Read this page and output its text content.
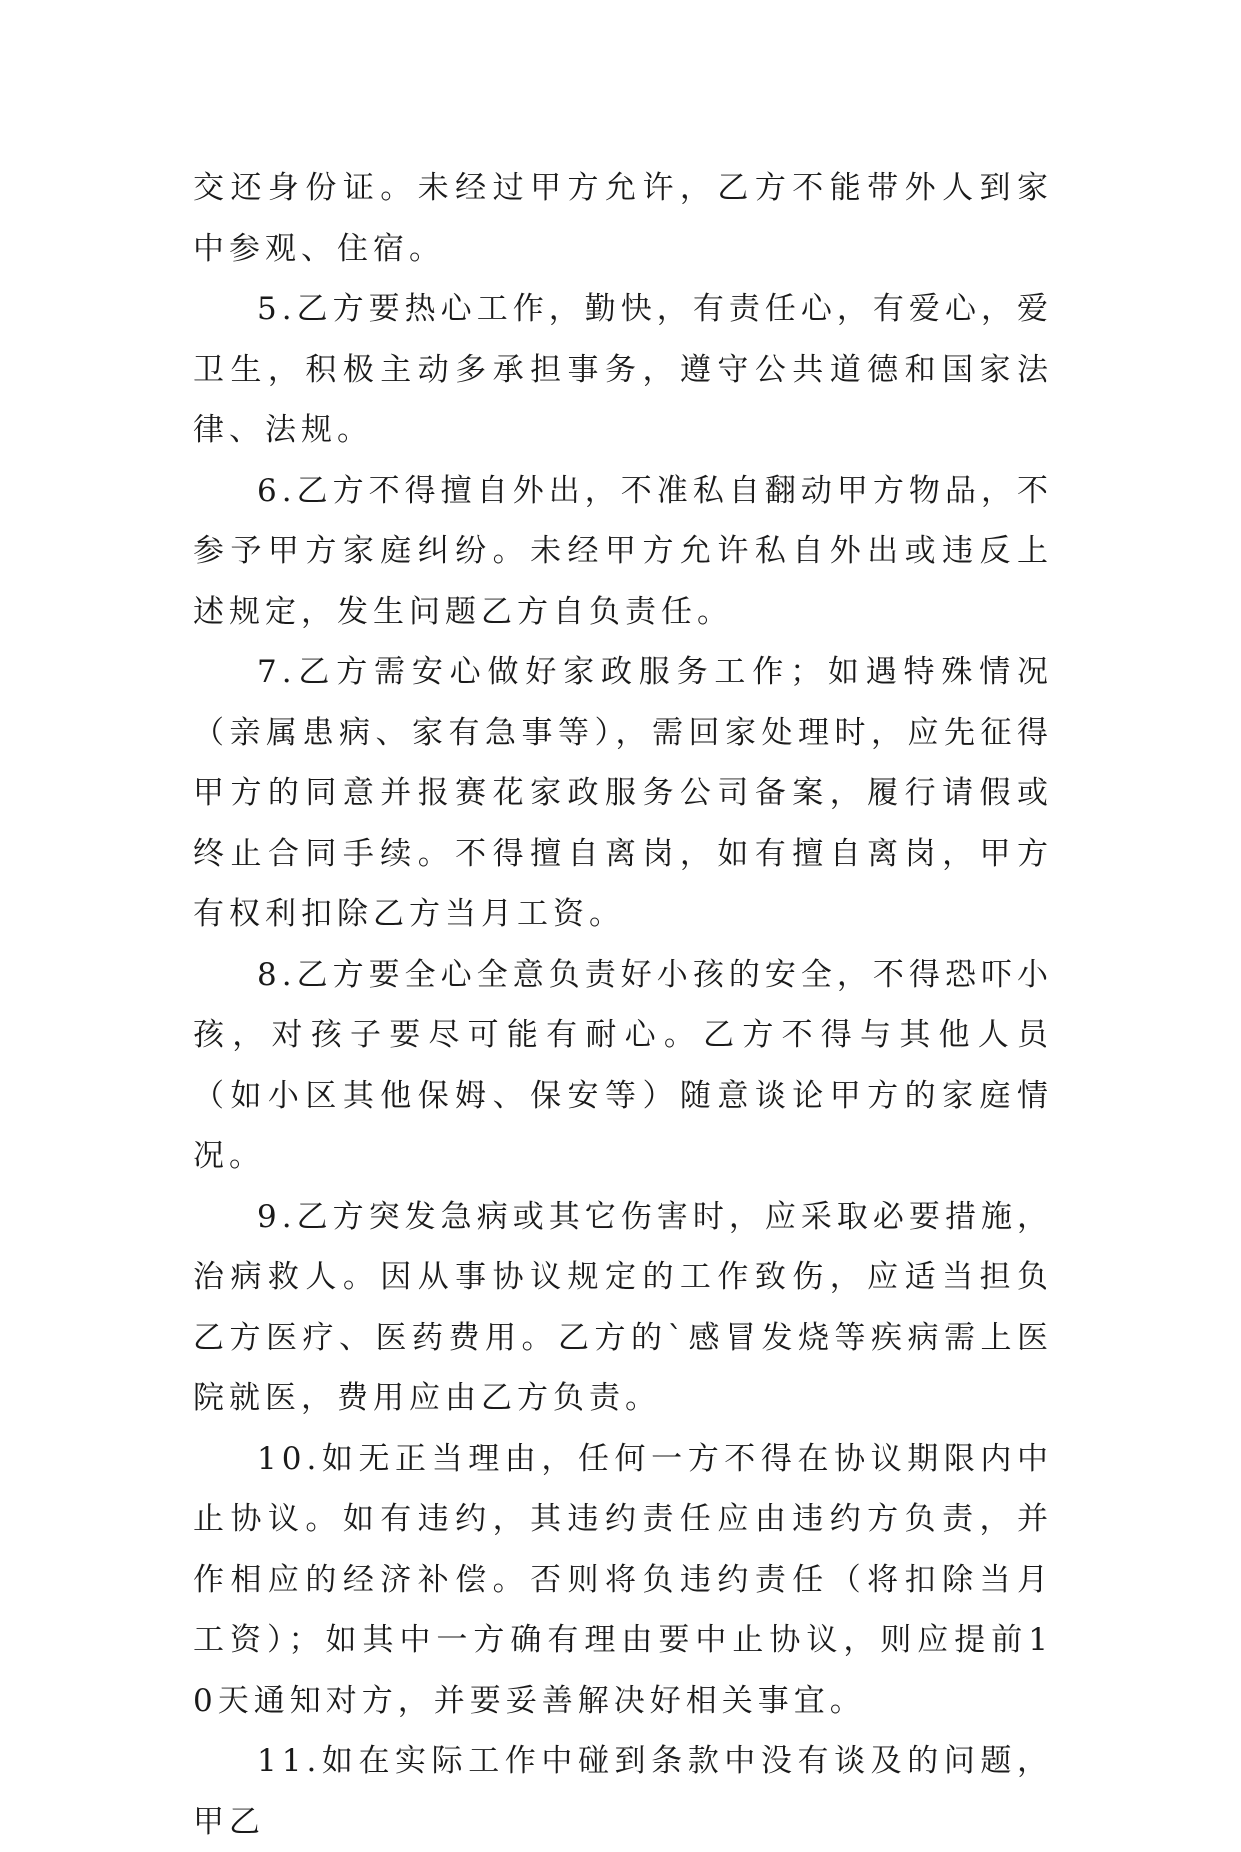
交还身份证。未经过甲方允许，乙方不能带外人到家中参观、住宿。

5.乙方要热心工作，勤快，有责任心，有爱心，爱卫生，积极主动多承担事务，遵守公共道德和国家法律、法规。

6.乙方不得擅自外出，不准私自翻动甲方物品，不参予甲方家庭纠纷。未经甲方允许私自外出或违反上述规定，发生问题乙方自负责任。

7.乙方需安心做好家政服务工作；如遇特殊情况（亲属患病、家有急事等），需回家处理时，应先征得甲方的同意并报赛花家政服务公司备案，履行请假或终止合同手续。不得擅自离岗，如有擅自离岗，甲方有权利扣除乙方当月工资。

8.乙方要全心全意负责好小孩的安全，不得恐吓小孩，对孩子要尽可能有耐心。乙方不得与其他人员（如小区其他保姆、保安等）随意谈论甲方的家庭情况。

9.乙方突发急病或其它伤害时，应采取必要措施，治病救人。因从事协议规定的工作致伤，应适当担负乙方医疗、医药费用。乙方的`感冒发烧等疾病需上医院就医，费用应由乙方负责。

10.如无正当理由，任何一方不得在协议期限内中止协议。如有违约，其违约责任应由违约方负责，并作相应的经济补偿。否则将负违约责任（将扣除当月工资）；如其中一方确有理由要中止协议，则应提前10天通知对方，并要妥善解决好相关事宜。

11.如在实际工作中碰到条款中没有谈及的问题，甲乙
